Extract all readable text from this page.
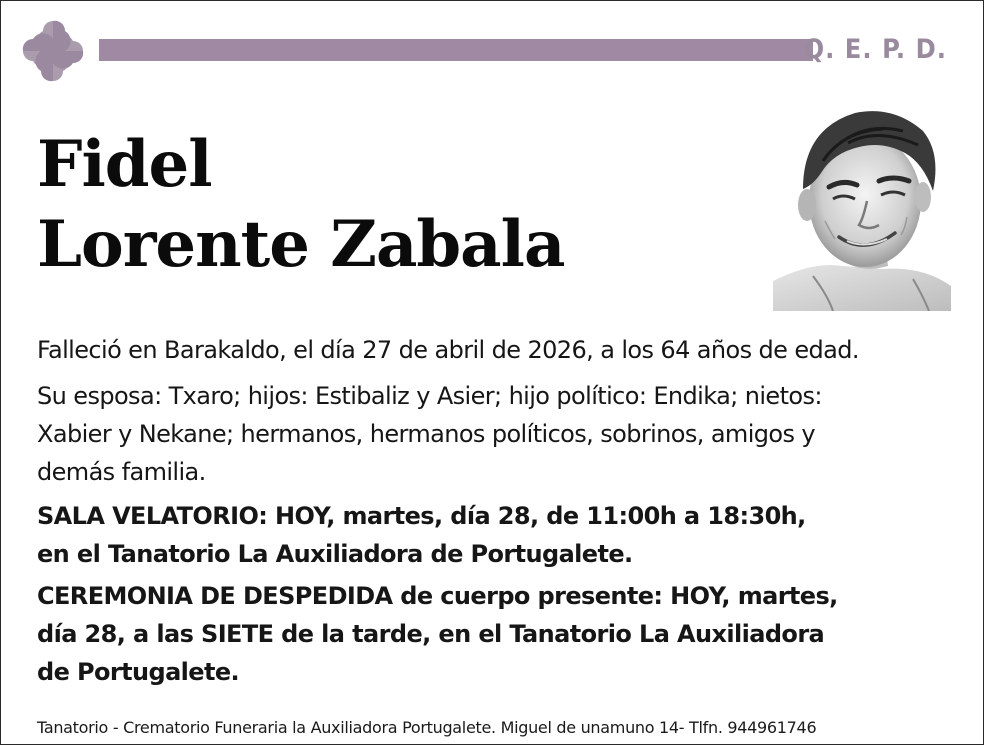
Q. E. P. D.
Fidel
Lorente Zabala

Falleció en Barakaldo, el día 27 de abril de 2026, a los 64 años de edad.

Su esposa: Txaro; hijos: Estibaliz y Asier; hijo político: Endika; nietos:
Xabier y Nekane; hermanos, hermanos políticos, sobrinos, amigos y
demás familia.

SALA VELATORIO: HOY, martes, día 28, de 11:00h a 18:30h,
en el Tanatorio La Auxiliadora de Portugalete.

CEREMONIA DE DESPEDIDA de cuerpo presente: HOY, martes,
día 28, a las SIETE de la tarde, en el Tanatorio La Auxiliadora
de Portugalete.

Tanatorio - Crematorio Funeraria la Auxiliadora Portugalete. Miguel de unamuno 14- Tlfn. 944961746
